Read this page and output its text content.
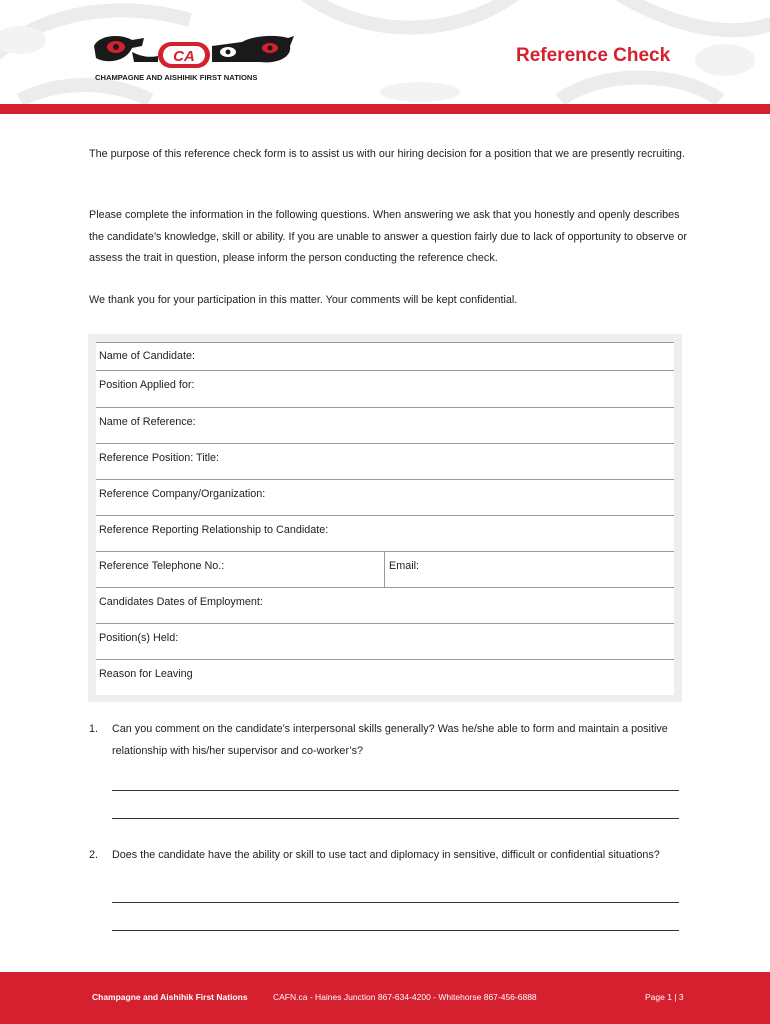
CA
CHAMPAGNE AND AISHIHIK FIRST NATIONS
Reference Check
The purpose of this reference check form is to assist us with our hiring decision for a position that we are presently recruiting.
Please complete the information in the following questions. When answering we ask that you honestly and openly describes the candidate’s knowledge, skill or ability. If you are unable to answer a question fairly due to lack of opportunity to observe or assess the trait in question, please inform the person conducting the reference check.
We thank you for your participation in this matter. Your comments will be kept confidential.
Name of Candidate:
Position Applied for:
Name of Reference:
Reference Position: Title:
Reference Company/Organization:
Reference Reporting Relationship to Candidate:
Reference Telephone No.:	Email:
Candidates Dates of Employment:
Position(s) Held:
Reason for Leaving
1. Can you comment on the candidate’s interpersonal skills generally? Was he/she able to form and maintain a positive relationship with his/her supervisor and co-worker’s?
2. Does the candidate have the ability or skill to use tact and diplomacy in sensitive, difficult or confidential situations?
Champagne and Aishihik First Nations	CAFN.ca - Haines Junction 867-634-4200 - Whitehorse 867-456-6888	Page 1 | 3
